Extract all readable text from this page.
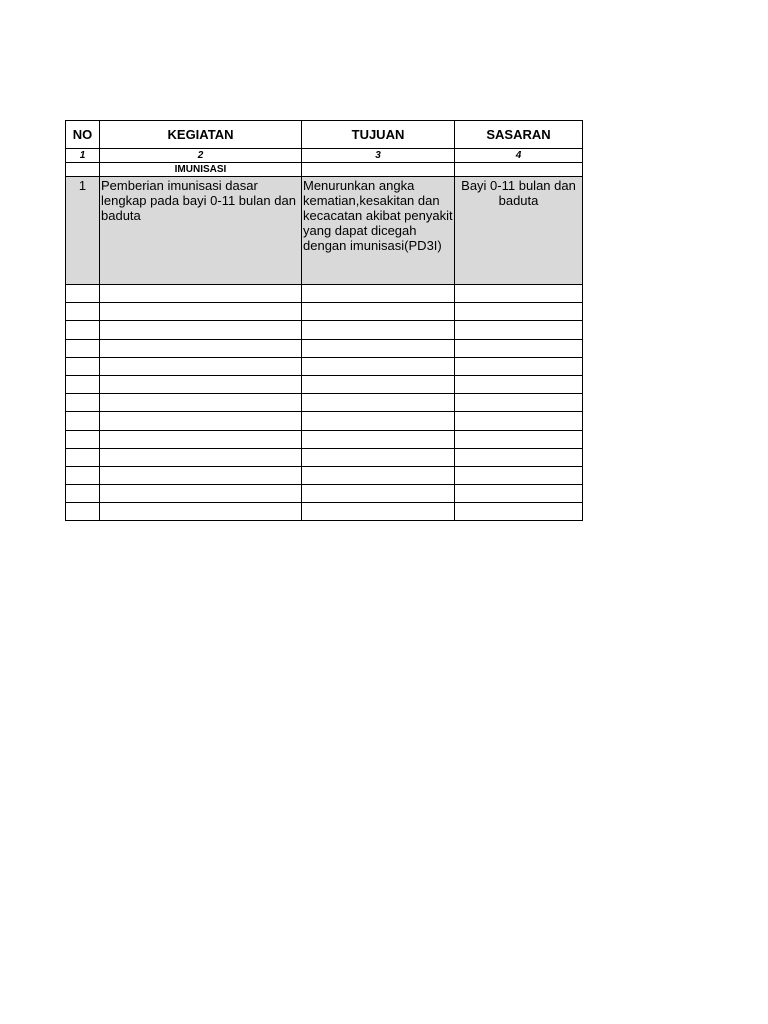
NO	KEGIATAN	TUJUAN	SASARAN
1	2	3	4
	IMUNISASI		
1	Pemberian imunisasi dasar lengkap pada bayi 0-11 bulan dan baduta	Menurunkan angka kematian,kesakitan dan kecacatan akibat penyakit yang dapat dicegah dengan imunisasi(PD3I)	Bayi 0-11 bulan dan baduta
